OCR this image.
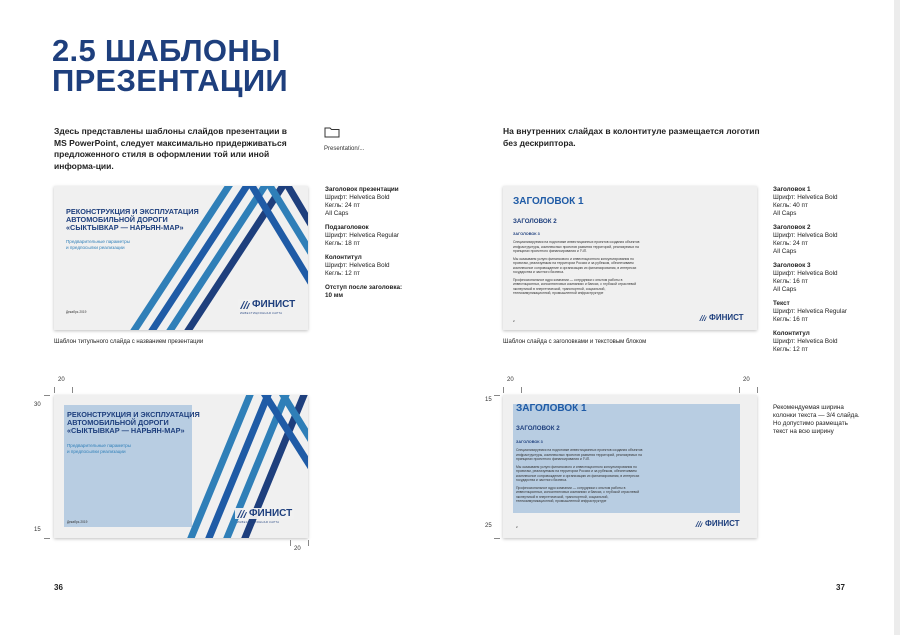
2.5 ШАБЛОНЫ
ПРЕЗЕНТАЦИИ
Здесь представлены шаблоны слайдов презентации в MS PowerPoint, следует максимально придерживаться предложенного стиля в оформлении той или иной информа-ции.
Presentation/...
На внутренних слайдах в колонтитуле размещается логотип без дескриптора.
РЕКОНСТРУКЦИЯ И ЭКСПЛУАТАЦИЯ
АВТОМОБИЛЬНОЙ ДОРОГИ
«СЫКТЫВКАР — НАРЬЯН-МАР»
Предварительные параметры
и предпосылки реализации
Декабрь 2019
ФИНИСТ
ИНВЕСТИЦИОННАЯ КАРТА
Шаблон титульного слайда с названием презентации
Заголовок презентации
Шрифт: Helvetica Bold
Кегль: 24 пт
All Caps
Подзаголовок
Шрифт: Helvetica Regular
Кегль: 18 пт
Колонтитул
Шрифт: Helvetica Bold
Кегль: 12 пт
Отступ после заголовка:
10 мм
ЗАГОЛОВОК 1
ЗАГОЛОВОК 2
ЗАГОЛОВОК 3
Специализируемся на подготовке инвестиционных проектов создания объектов
инфраструктуры, комплексных проектов развития территорий, реализуемых на
принципах проектного финансирования и ГЧП.
Мы оказываем услуги финансового и инвестиционного консультирования по
проектам, реализуемым на территории России и за рубежом, обеспечиваем
комплексное сопровождение и организацию их финансирования, в интересах
государства и частного бизнеса.
Профессиональное ядро компании — сотрудники с опытом работы в
инвестиционных, консалтинговых компаниях и банках, с глубокой отраслевой
экспертизой в энергетической, транспортной, социальной,
телекоммуникационной, промышленной инфраструктуре
2	ФИНИСТ
Шаблон слайда с заголовками и текстовым блоком
Заголовок 1
Шрифт: Helvetica Bold
Кегль: 40 пт
All Caps
Заголовок 2
Шрифт: Helvetica Bold
Кегль: 24 пт
All Caps
Заголовок 3
Шрифт: Helvetica Bold
Кегль: 16 пт
All Caps
Текст
Шрифт: Helvetica Regular
Кегль: 16 пт
Колонтитул
Шрифт: Helvetica Bold
Кегль: 12 пт
20
30
15
РЕКОНСТРУКЦИЯ И ЭКСПЛУАТАЦИЯ
АВТОМОБИЛЬНОЙ ДОРОГИ
«СЫКТЫВКАР — НАРЬЯН-МАР»
Предварительные параметры
и предпосылки реализации
Декабрь 2019
ФИНИСТ
ИНВЕСТИЦИОННАЯ КАРТА
20
20	20
15
25
ЗАГОЛОВОК 1
ЗАГОЛОВОК 2
ЗАГОЛОВОК 3
Специализируемся на подготовке инвестиционных проектов создания объектов
инфраструктуры, комплексных проектов развития территорий, реализуемых на
принципах проектного финансирования и ГЧП.
Мы оказываем услуги финансового и инвестиционного консультирования по
проектам, реализуемым на территории России и за рубежом, обеспечиваем
комплексное сопровождение и организацию их финансирования, в интересах
государства и частного бизнеса.
Профессиональное ядро компании — сотрудники с опытом работы в
инвестиционных, консалтинговых компаниях и банках, с глубокой отраслевой
экспертизой в энергетической, транспортной, социальной,
телекоммуникационной, промышленной инфраструктуре
2	ФИНИСТ
Рекомендуемая ширина
колонки текста — 3/4 слайда.
Но допустимо размещать
текст на всю ширину
36	37
